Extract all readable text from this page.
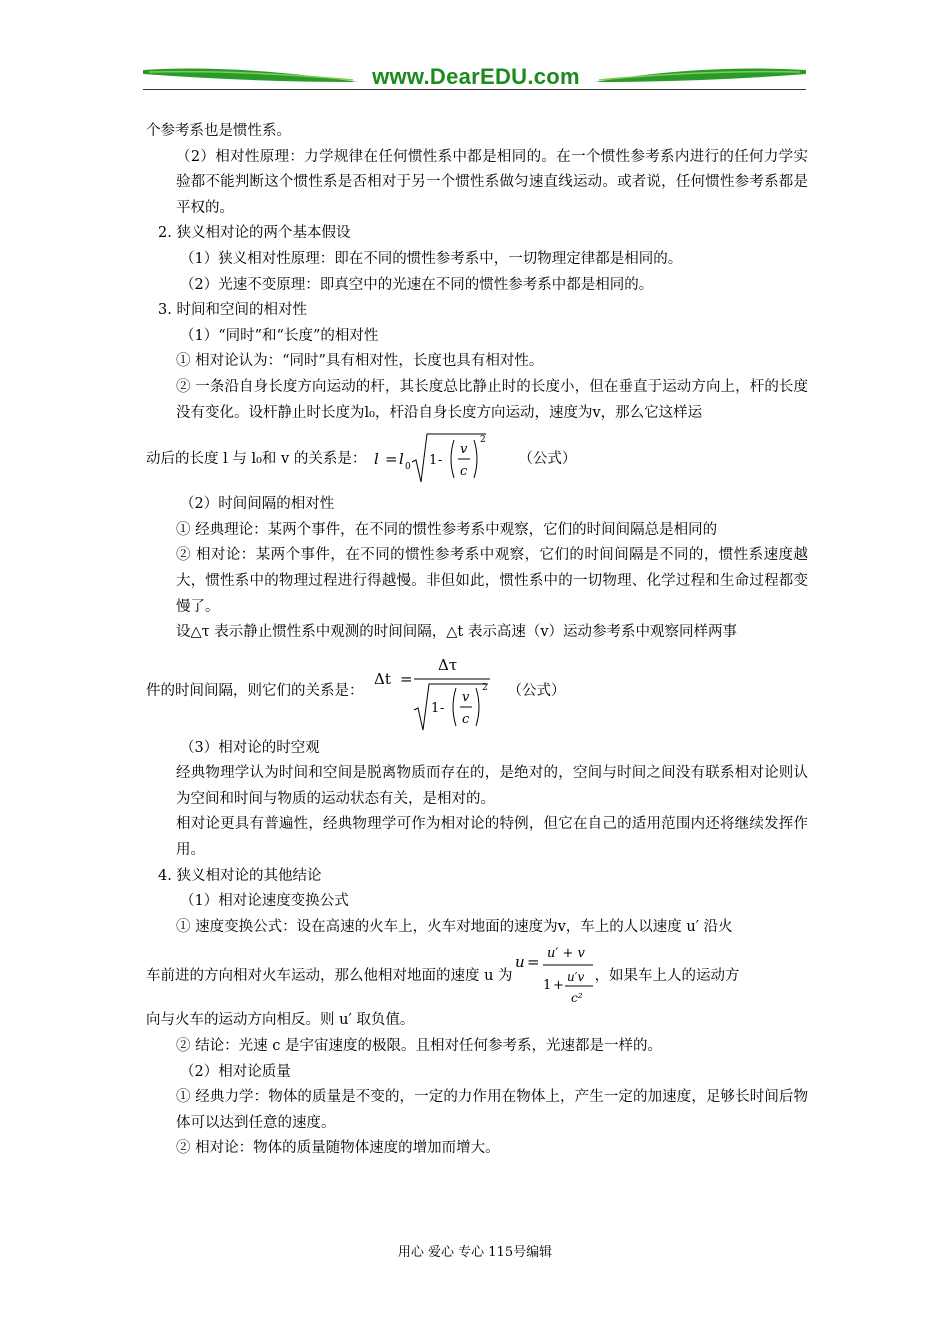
www.DearEDU.com

个参考系也是惯性系。

（2）相对性原理：力学规律在任何惯性系中都是相同的。在一个惯性参考系内进行的任何力学实验都不能判断这个惯性系是否相对于另一个惯性系做匀速直线运动。或者说，任何惯性参考系都是平权的。

2. 狭义相对论的两个基本假设

（1）狭义相对性原理：即在不同的惯性参考系中，一切物理定律都是相同的。

（2）光速不变原理：即真空中的光速在不同的惯性参考系中都是相同的。

3. 时间和空间的相对性

（1）“同时”和“长度”的相对性

① 相对论认为：“同时”具有相对性，长度也具有相对性。

② 一条沿自身长度方向运动的杆，其长度总比静止时的长度小，但在垂直于运动方向上，杆的长度没有变化。设杆静止时长度为l₀，杆沿自身长度方向运动，速度为v，那么它这样运

动后的长度 l 与 l₀和 v 的关系是： l = l 0 1 -
v
c
2
（公式）

（2）时间间隔的相对性

① 经典理论：某两个事件，在不同的惯性参考系中观察，它们的时间间隔总是相同的

② 相对论：某两个事件，在不同的惯性参考系中观察，它们的时间间隔是不同的，惯性系速度越大，惯性系中的物理过程进行得越慢。非但如此，惯性系中的一切物理、化学过程和生命过程都变慢了。

设△τ 表示静止惯性系中观测的时间间隔，△t 表示高速（v）运动参考系中观察同样两事

件的时间间隔，则它们的关系是：
Δt =
Δτ
1 -
v
c
2 （公式）

（3）相对论的时空观

经典物理学认为时间和空间是脱离物质而存在的，是绝对的，空间与时间之间没有联系相对论则认为空间和时间与物质的运动状态有关，是相对的。

相对论更具有普遍性，经典物理学可作为相对论的特例，但它在自己的适用范围内还将继续发挥作用。

4. 狭义相对论的其他结论

（1）相对论速度变换公式

① 速度变换公式：设在高速的火车上，火车对地面的速度为v，车上的人以速度 u′ 沿火

车前进的方向相对火车运动，那么他相对地面的速度 u 为
u = u′ + v
1 +
u′v
c²
，如果车上人的运动方

向与火车的运动方向相反。则 u′ 取负值。

② 结论：光速 c 是宇宙速度的极限。且相对任何参考系，光速都是一样的。

（2）相对论质量

① 经典力学：物体的质量是不变的，一定的力作用在物体上，产生一定的加速度，足够长时间后物体可以达到任意的速度。

② 相对论：物体的质量随物体速度的增加而增大。

用心 爱心 专心 115号编辑
